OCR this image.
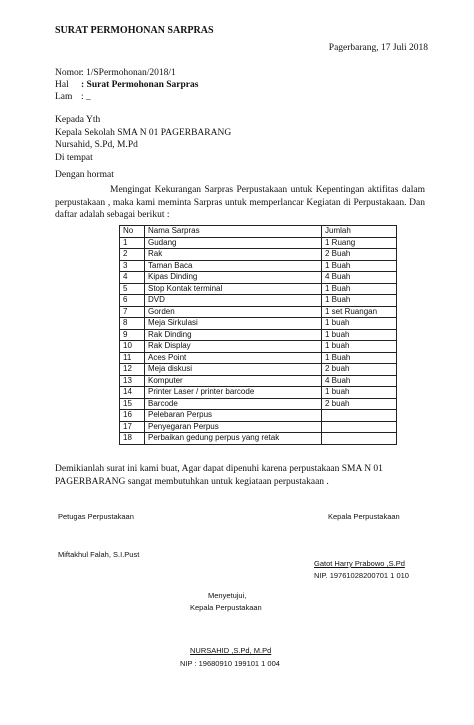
SURAT PERMOHONAN SARPRAS
Pagerbarang, 17 Juli 2018
Nomor: 1/SPermohonan/2018/1
Hal : Surat Permohonan Sarpras
Lam : _
Kepada Yth
Kepala Sekolah SMA N 01 PAGERBARANG
Nursahid, S.Pd, M.Pd
Di tempat
Dengan hormat
Mengingat Kekurangan Sarpras Perpustakaan untuk Kepentingan aktifitas dalam perpustakaan , maka kami meminta Sarpras untuk memperlancar Kegiatan di Perpustakaan. Dan daftar adalah sebagai berikut :
No	Nama Sarpras	Jumlah
1	Gudang	1 Ruang
2	Rak	2 Buah
3	Taman Baca	1 Buah
4	Kipas Dinding	4 Buah
5	Stop Kontak terminal	1 Buah
6	DVD	1 Buah
7	Gorden	1 set Ruangan
8	Meja Sirkulasi	1 buah
9	Rak Dinding	1 buah
10	Rak Display	1 buah
11	Aces Point	1 Buah
12	Meja diskusi	2 buah
13	Komputer	4 Buah
14	Printer Laser / printer barcode	1 buah
15	Barcode	2 buah
16	Pelebaran Perpus	
17	Penyegaran Perpus	
18	Perbaikan gedung perpus yang retak	
Demikianlah surat ini kami buat, Agar dapat dipenuhi karena perpustakaan SMA N 01 PAGERBARANG sangat membutuhkan untuk kegiataan perpustakaan .
Petugas Perpustakaan	Kepala Perpustakaan
Miftakhul Falah, S.I.Pust
Gatot Harry Prabowo ,S.Pd
NIP. 19761028200701 1 010
Menyetujui,
Kepala Perpustakaan
NURSAHID ,S.Pd, M.Pd
NIP : 19680910 199101 1 004
